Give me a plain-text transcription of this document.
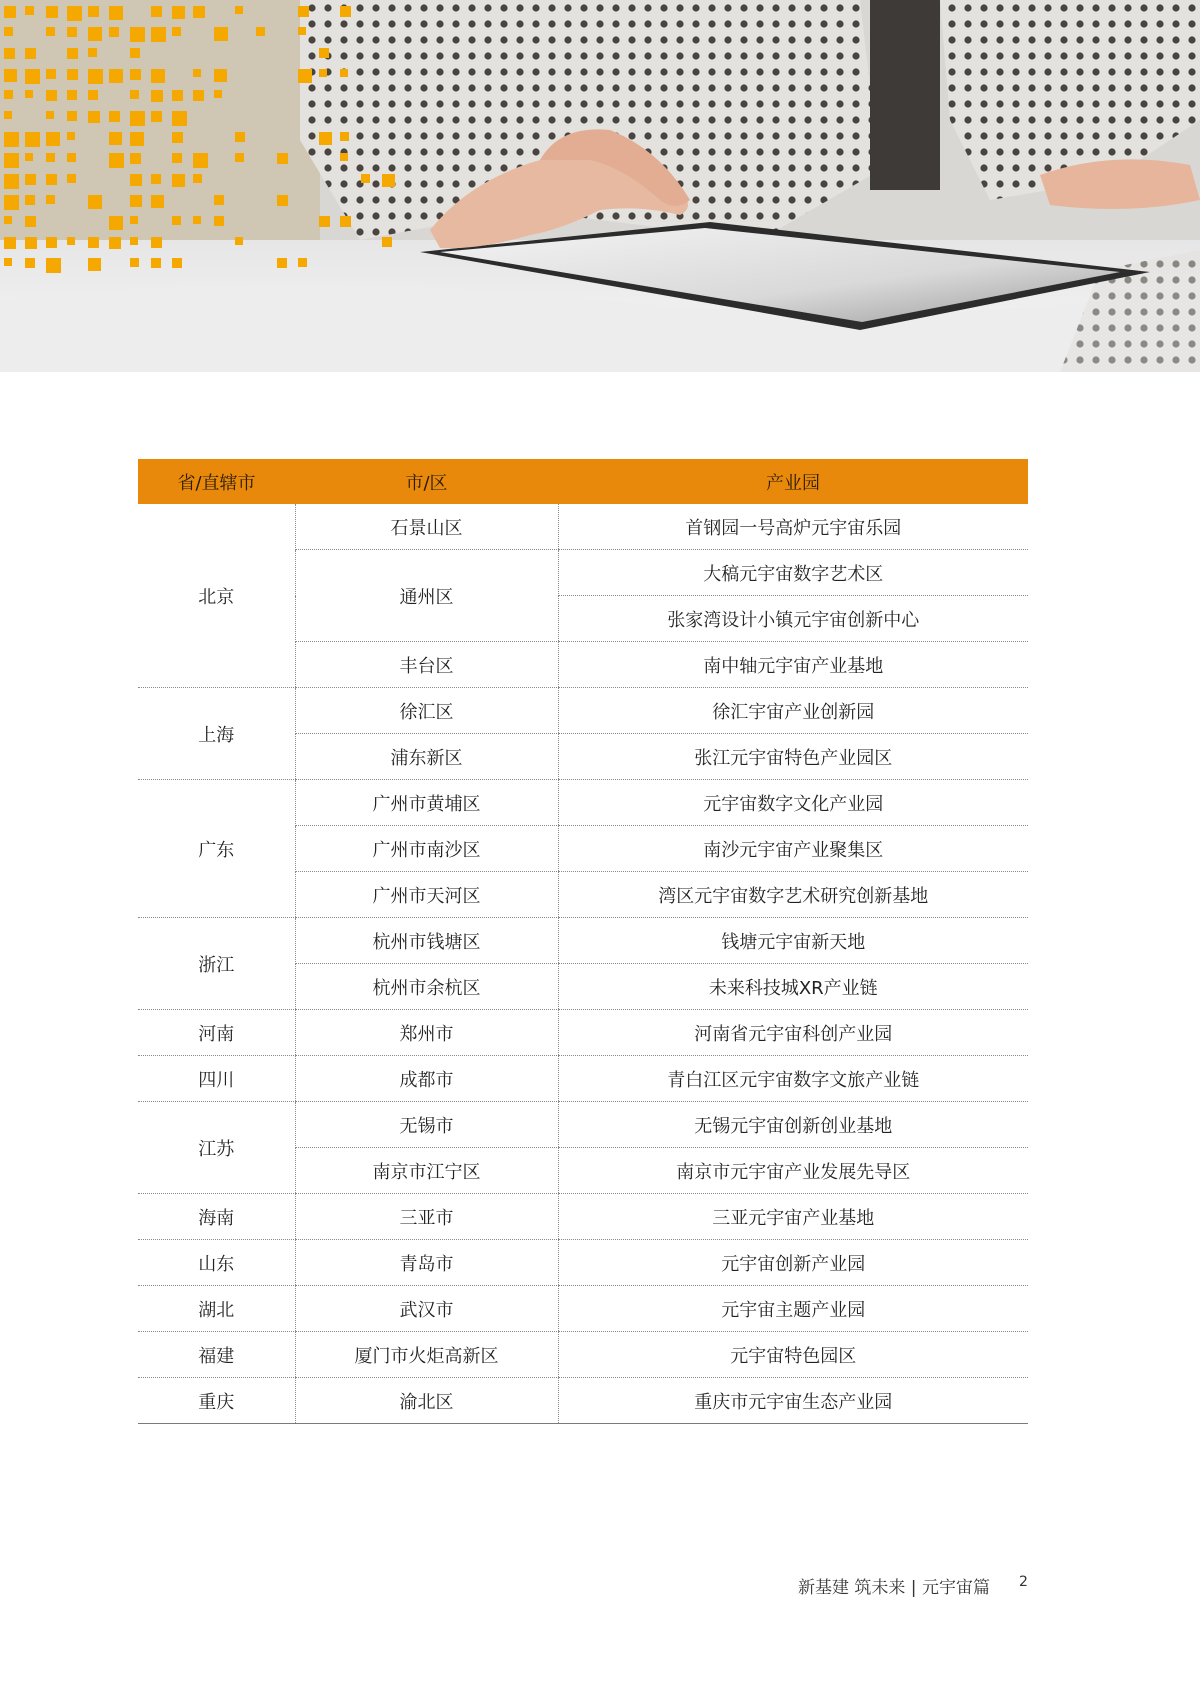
省/直辖市	市/区	产业园
北京	石景山区	首钢园一号高炉元宇宙乐园
	通州区	大稿元宇宙数字艺术区
		张家湾设计小镇元宇宙创新中心
	丰台区	南中轴元宇宙产业基地
上海	徐汇区	徐汇宇宙产业创新园
	浦东新区	张江元宇宙特色产业园区
广东	广州市黄埔区	元宇宙数字文化产业园
	广州市南沙区	南沙元宇宙产业聚集区
	广州市天河区	湾区元宇宙数字艺术研究创新基地
浙江	杭州市钱塘区	钱塘元宇宙新天地
	杭州市余杭区	未来科技城XR产业链
河南	郑州市	河南省元宇宙科创产业园
四川	成都市	青白江区元宇宙数字文旅产业链
江苏	无锡市	无锡元宇宙创新创业基地
	南京市江宁区	南京市元宇宙产业发展先导区
海南	三亚市	三亚元宇宙产业基地
山东	青岛市	元宇宙创新产业园
湖北	武汉市	元宇宙主题产业园
福建	厦门市火炬高新区	元宇宙特色园区
重庆	渝北区	重庆市元宇宙生态产业园
新基建 筑未来 | 元宇宙篇 2
